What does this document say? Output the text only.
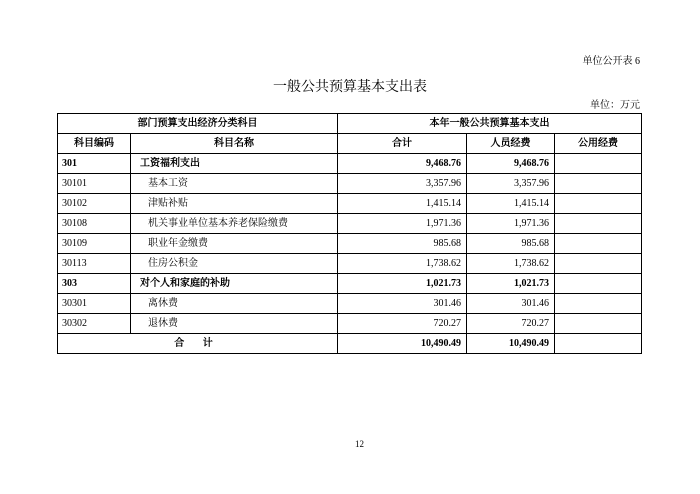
单位公开表 6
一般公共预算基本支出表
单位：万元
部门预算支出经济分类科目		本年一般公共预算基本支出		
科目编码	科目名称	合计	人员经费	公用经费
301	工资福利支出	9,468.76	9,468.76	
30101	基本工资	3,357.96	3,357.96	
30102	津贴补贴	1,415.14	1,415.14	
30108	机关事业单位基本养老保险缴费	1,971.36	1,971.36	
30109	职业年金缴费	985.68	985.68	
30113	住房公积金	1,738.62	1,738.62	
303	对个人和家庭的补助	1,021.73	1,021.73	
30301	离休费	301.46	301.46	
30302	退休费	720.27	720.27	
合 计		10,490.49	10,490.49	
12
